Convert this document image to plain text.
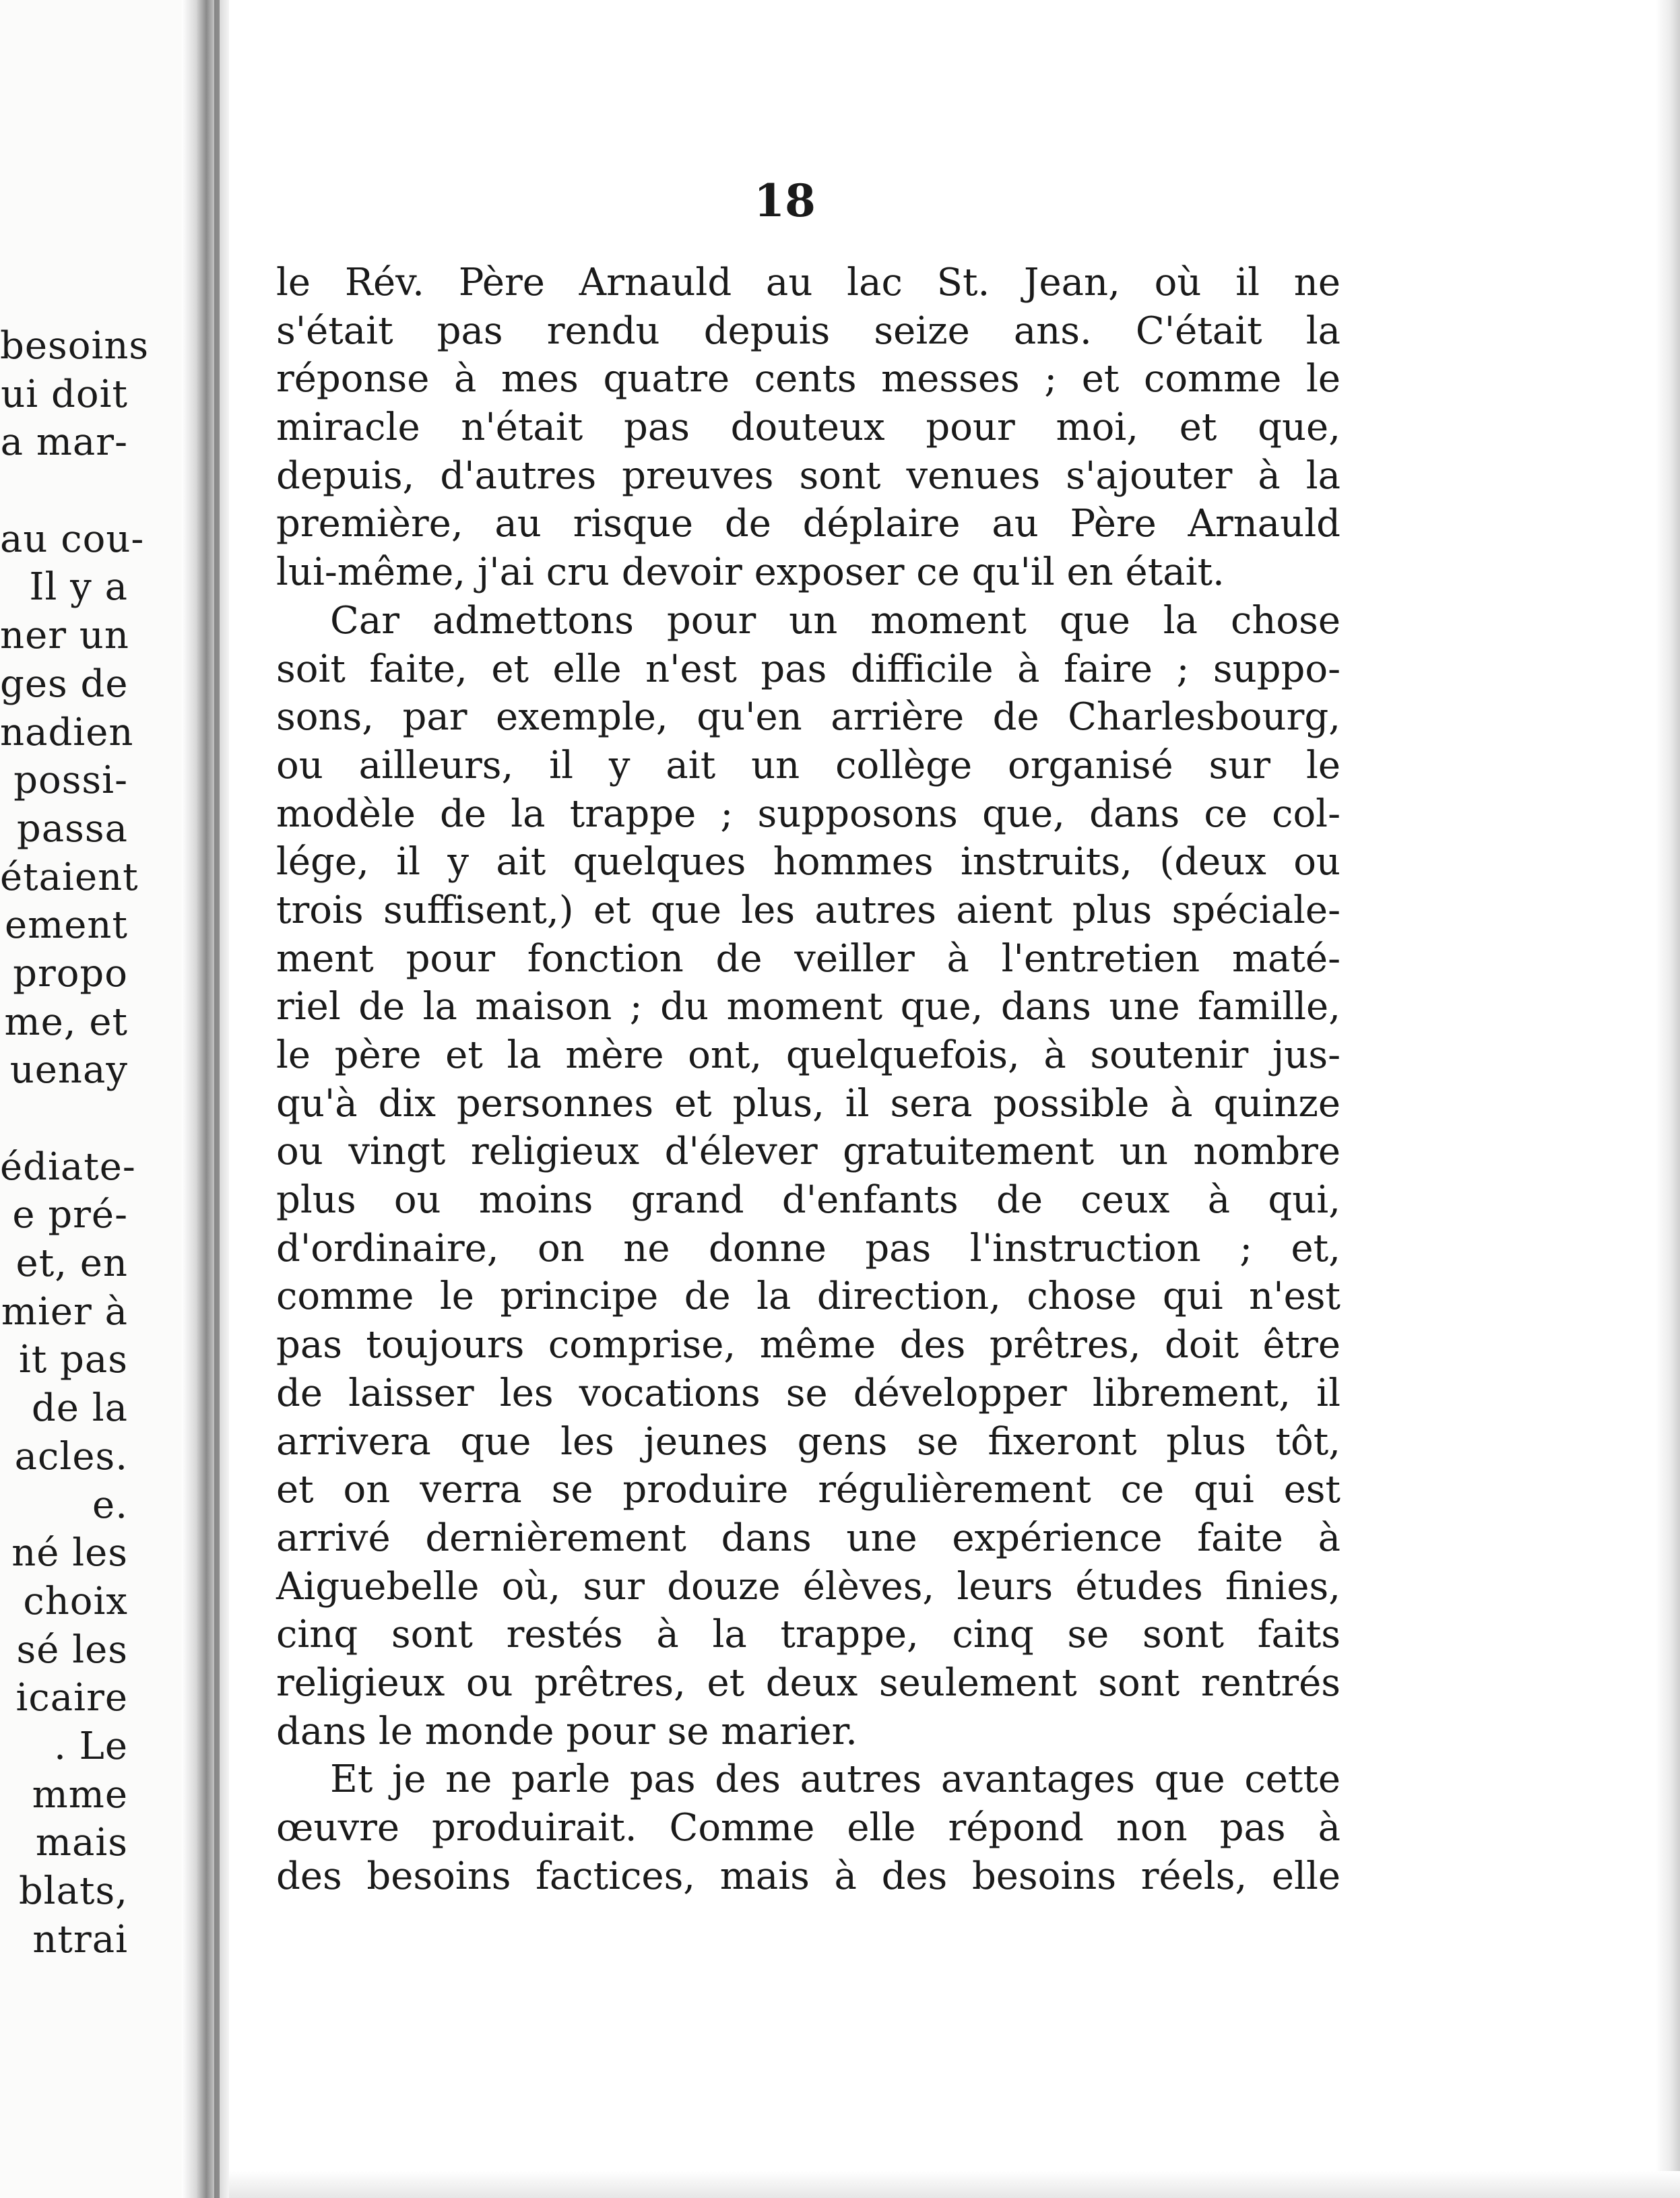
besoins
ui doit
a mar-
au cou-
Il y a
ner un
ges de
nadien
possi-
passa
étaient
ement
propo
me, et
uenay
édiate-
e pré-
et, en
mier à
it pas
de la
acles.
e.
né les
choix
sé les
icaire
. Le
mme
mais
blats,
ntrai
18
le Rév. Père Arnauld au lac St. Jean, où il ne
s'était pas rendu depuis seize ans. C'était la
réponse à mes quatre cents messes ; et comme le
miracle n'était pas douteux pour moi, et que,
depuis, d'autres preuves sont venues s'ajouter à la
première, au risque de déplaire au Père Arnauld
lui-même, j'ai cru devoir exposer ce qu'il en était.
Car admettons pour un moment que la chose
soit faite, et elle n'est pas difficile à faire ; suppo-
sons, par exemple, qu'en arrière de Charlesbourg,
ou ailleurs, il y ait un collège organisé sur le
modèle de la trappe ; supposons que, dans ce col-
lége, il y ait quelques hommes instruits, (deux ou
trois suffisent,) et que les autres aient plus spéciale-
ment pour fonction de veiller à l'entretien maté-
riel de la maison ; du moment que, dans une famille,
le père et la mère ont, quelquefois, à soutenir jus-
qu'à dix personnes et plus, il sera possible à quinze
ou vingt religieux d'élever gratuitement un nombre
plus ou moins grand d'enfants de ceux à qui,
d'ordinaire, on ne donne pas l'instruction ; et,
comme le principe de la direction, chose qui n'est
pas toujours comprise, même des prêtres, doit être
de laisser les vocations se développer librement, il
arrivera que les jeunes gens se fixeront plus tôt,
et on verra se produire régulièrement ce qui est
arrivé dernièrement dans une expérience faite à
Aiguebelle où, sur douze élèves, leurs études finies,
cinq sont restés à la trappe, cinq se sont faits
religieux ou prêtres, et deux seulement sont rentrés
dans le monde pour se marier.
Et je ne parle pas des autres avantages que cette
œuvre produirait. Comme elle répond non pas à
des besoins factices, mais à des besoins réels, elle
